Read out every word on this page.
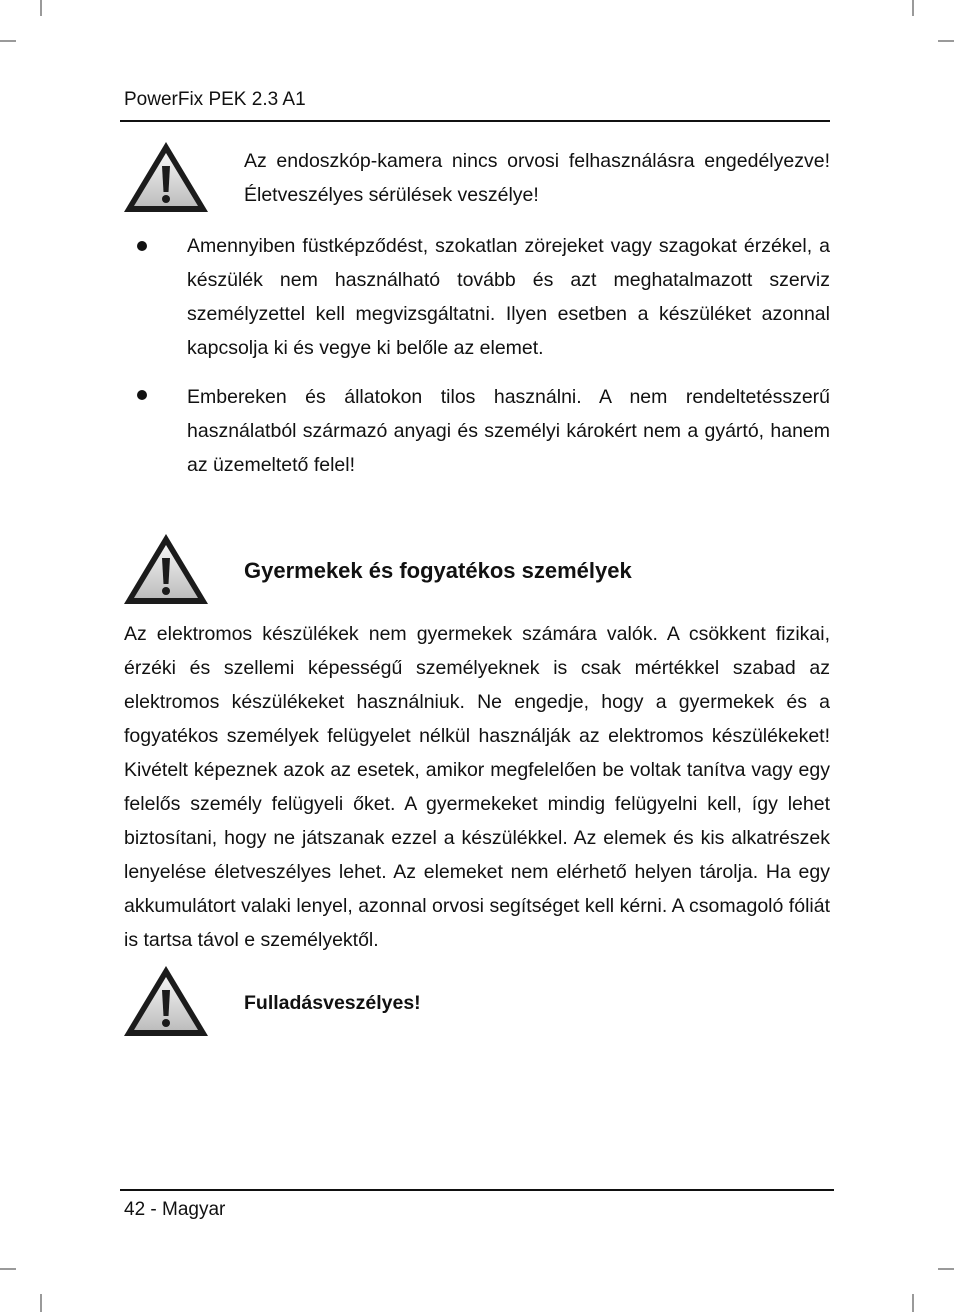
PowerFix PEK 2.3 A1
Az endoszkóp-kamera nincs orvosi felhasználásra engedélyezve! Életveszélyes sérülések veszélye!
Amennyiben füstképződést, szokatlan zörejeket vagy szagokat érzékel, a készülék nem használható tovább és azt meghatalmazott szerviz személyzettel kell megvizsgáltatni. Ilyen esetben a készüléket azonnal kapcsolja ki és vegye ki belőle az elemet.
Embereken és állatokon tilos használni. A nem rendeltetésszerű használatból származó anyagi és személyi károkért nem a gyártó, hanem az üzemeltető felel!
Gyermekek és fogyatékos személyek
Az elektromos készülékek nem gyermekek számára valók. A csökkent fizikai, érzéki és szellemi képességű személyeknek is csak mértékkel szabad az elektromos készülékeket használniuk. Ne engedje, hogy a gyermekek és a fogyatékos személyek felügyelet nélkül használják az elektromos készülékeket! Kivételt képeznek azok az esetek, amikor megfelelően be voltak tanítva vagy egy felelős személy felügyeli őket. A gyermekeket mindig felügyelni kell, így lehet biztosítani, hogy ne játszanak ezzel a készülékkel. Az elemek és kis alkatrészek lenyelése életveszélyes lehet. Az elemeket nem elérhető helyen tárolja. Ha egy akkumulátort valaki lenyel, azonnal orvosi segítséget kell kérni. A csomagoló fóliát is tartsa távol e személyektől.
Fulladásveszélyes!
42 - Magyar
